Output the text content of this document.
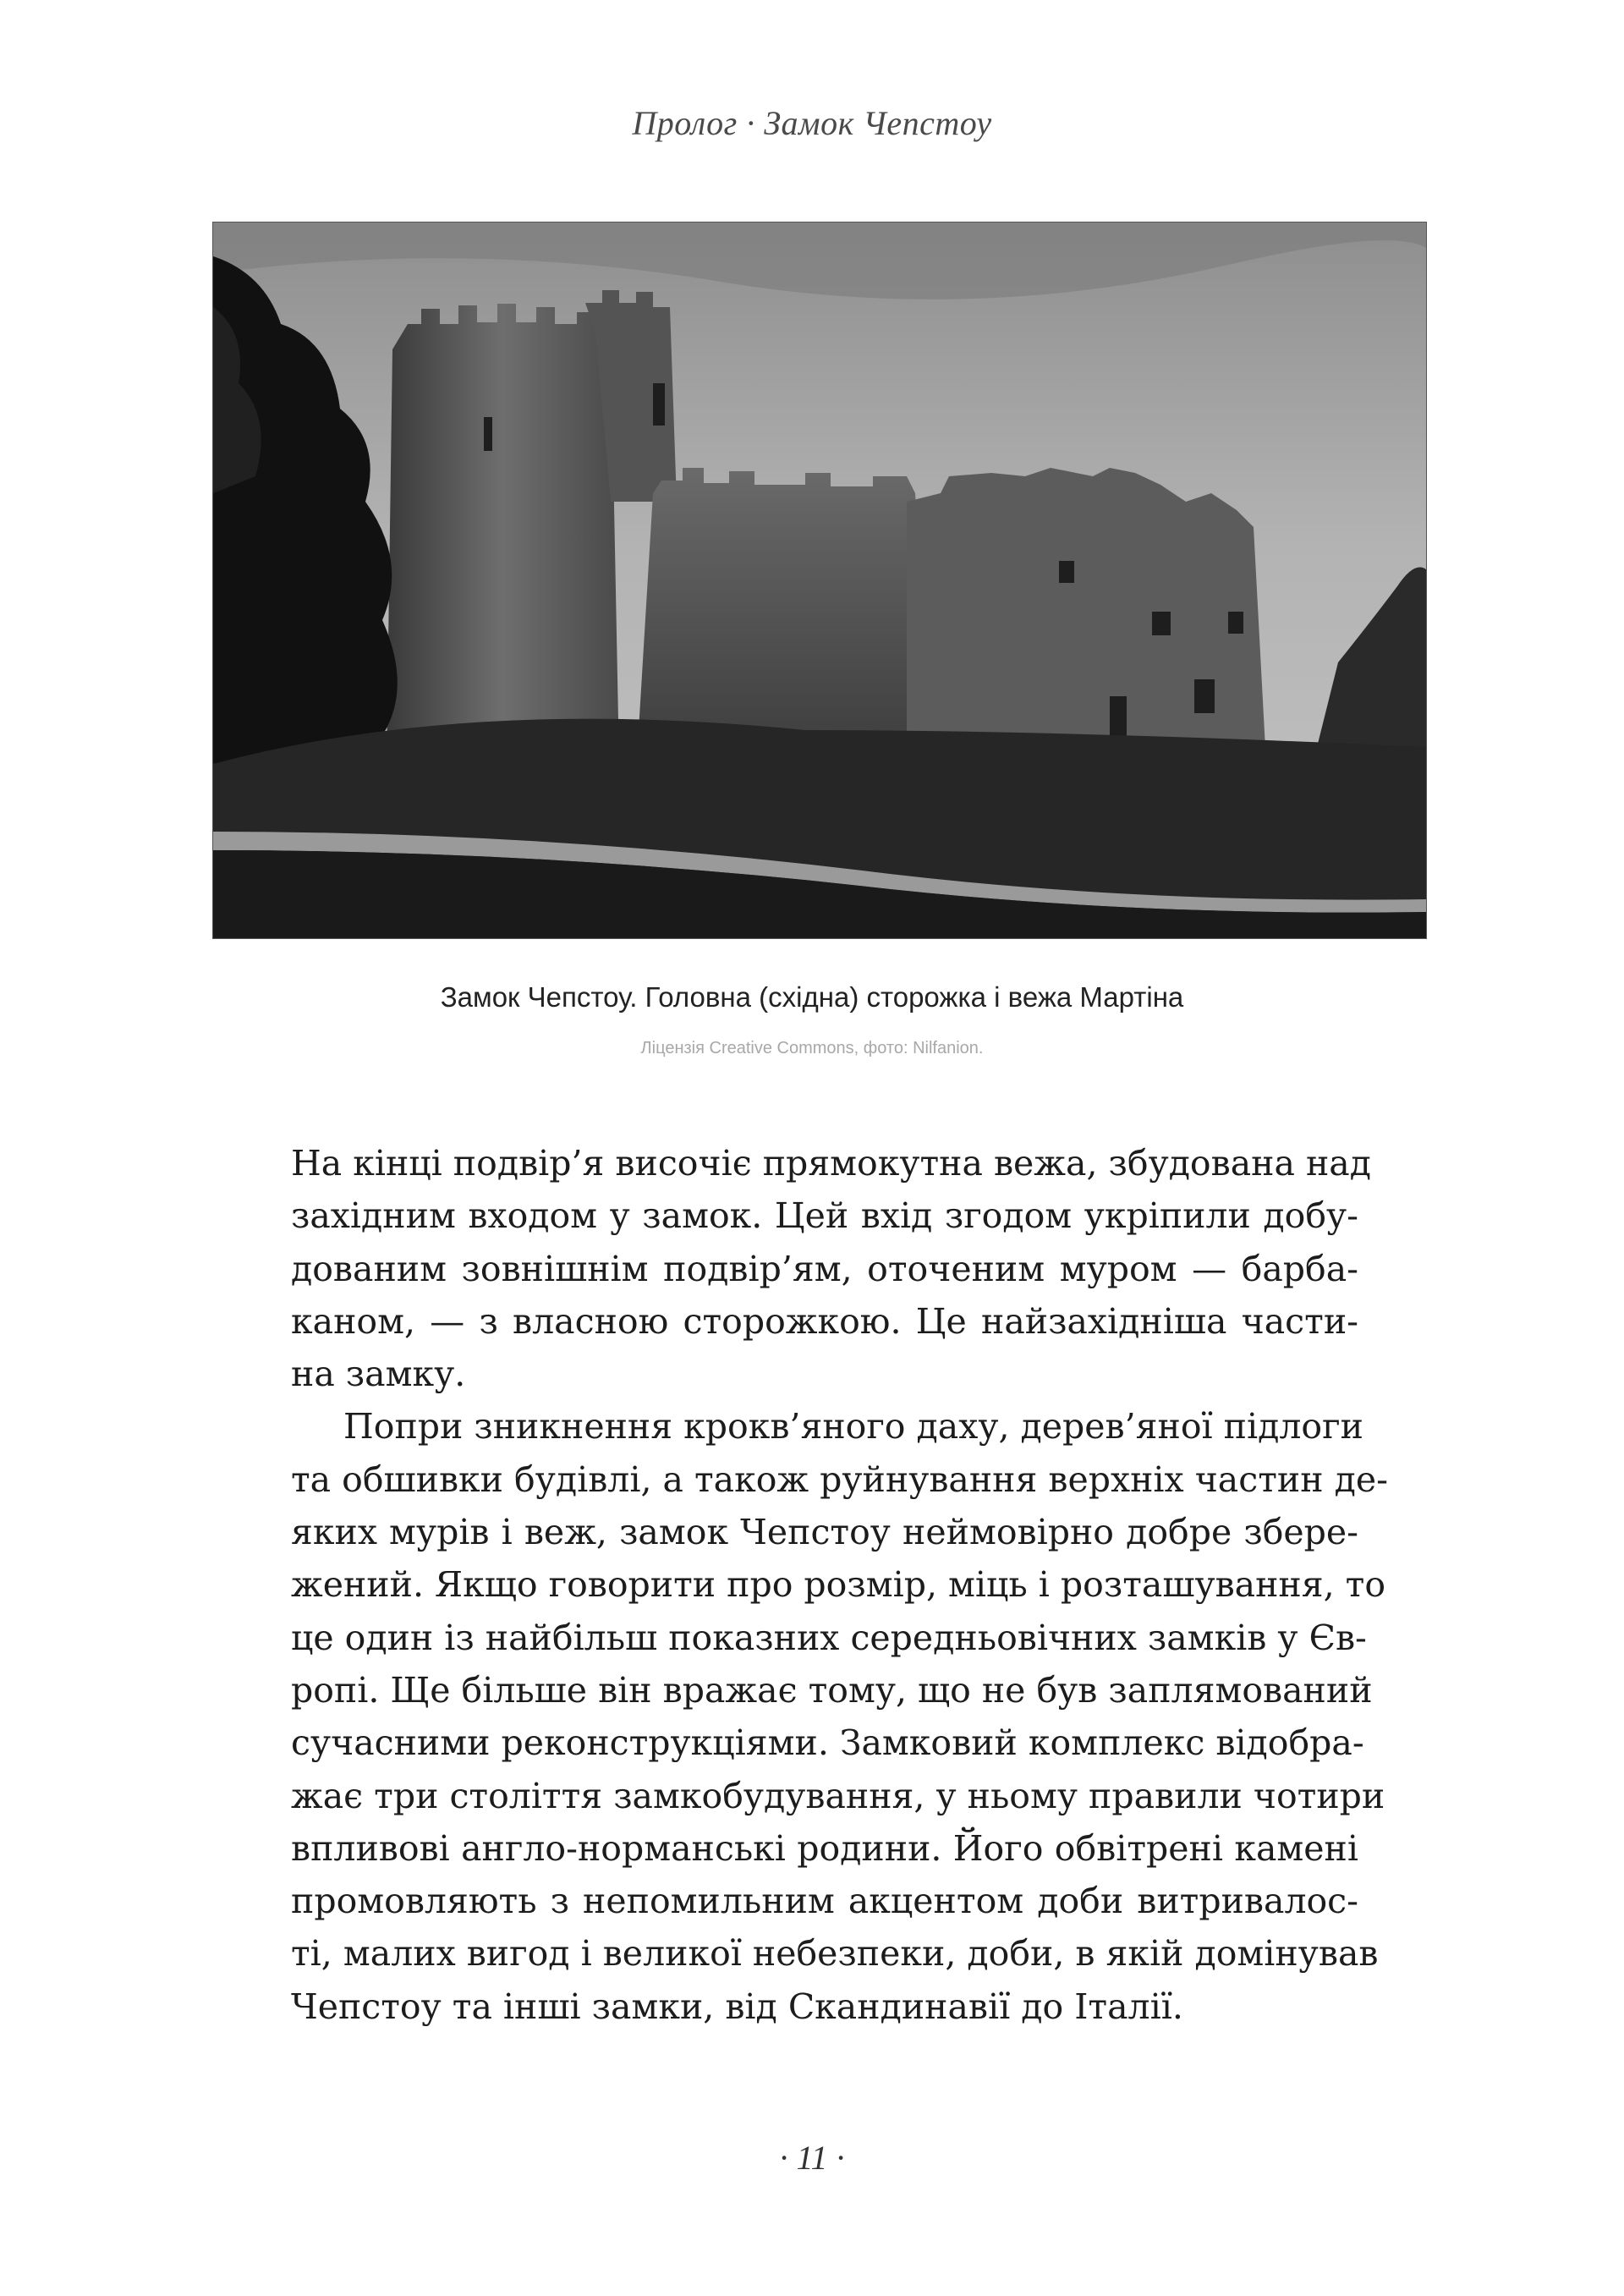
Пролог · Замок Чепстоу
Замок Чепстоу. Головна (східна) сторожка і вежа Мартіна
Ліцензія Creative Commons, фото: Nilfanion.
На кінці подвір’я височіє прямокутна вежа, збудована над
західним входом у замок. Цей вхід згодом укріпили добу-
дованим зовнішнім подвір’ям, оточеним муром — барба-
каном, — з власною сторожкою. Це найзахідніша части-
на замку.
Попри зникнення крокв’яного даху, дерев’яної підлоги
та обшивки будівлі, а також руйнування верхніх частин де-
яких мурів і веж, замок Чепстоу неймовірно добре збере-
жений. Якщо говорити про розмір, міць і розташування, то
це один із найбільш показних середньовічних замків у Єв-
ропі. Ще більше він вражає тому, що не був заплямований
сучасними реконструкціями. Замковий комплекс відобра-
жає три століття замкобудування, у ньому правили чотири
впливові англо-норманські родини. Його обвітрені камені
промовляють з непомильним акцентом доби витривалос-
ті, малих вигод і великої небезпеки, доби, в якій домінував
Чепстоу та інші замки, від Скандинавії до Італії.
· 11 ·
